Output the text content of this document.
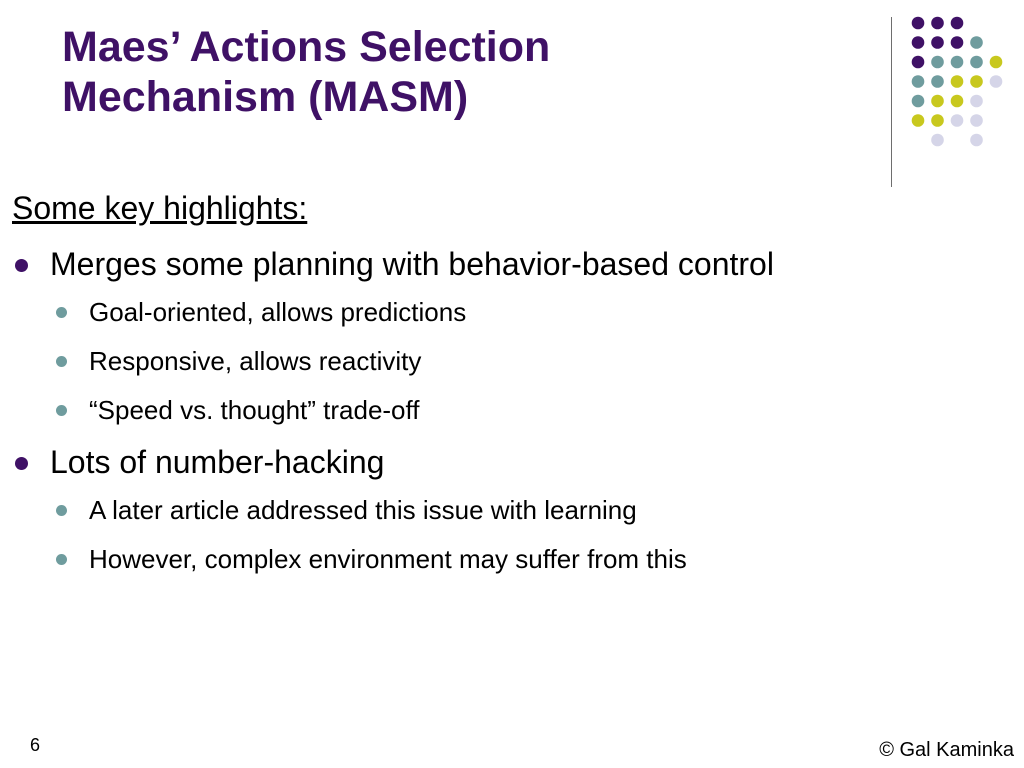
Maes’ Actions Selection
Mechanism (MASM)

Some key highlights:

Merges some planning with behavior-based control
Goal-oriented, allows predictions
Responsive, allows reactivity
“Speed vs. thought” trade-off
Lots of number-hacking
A later article addressed this issue with learning
However, complex environment may suffer from this
6	© Gal Kaminka
